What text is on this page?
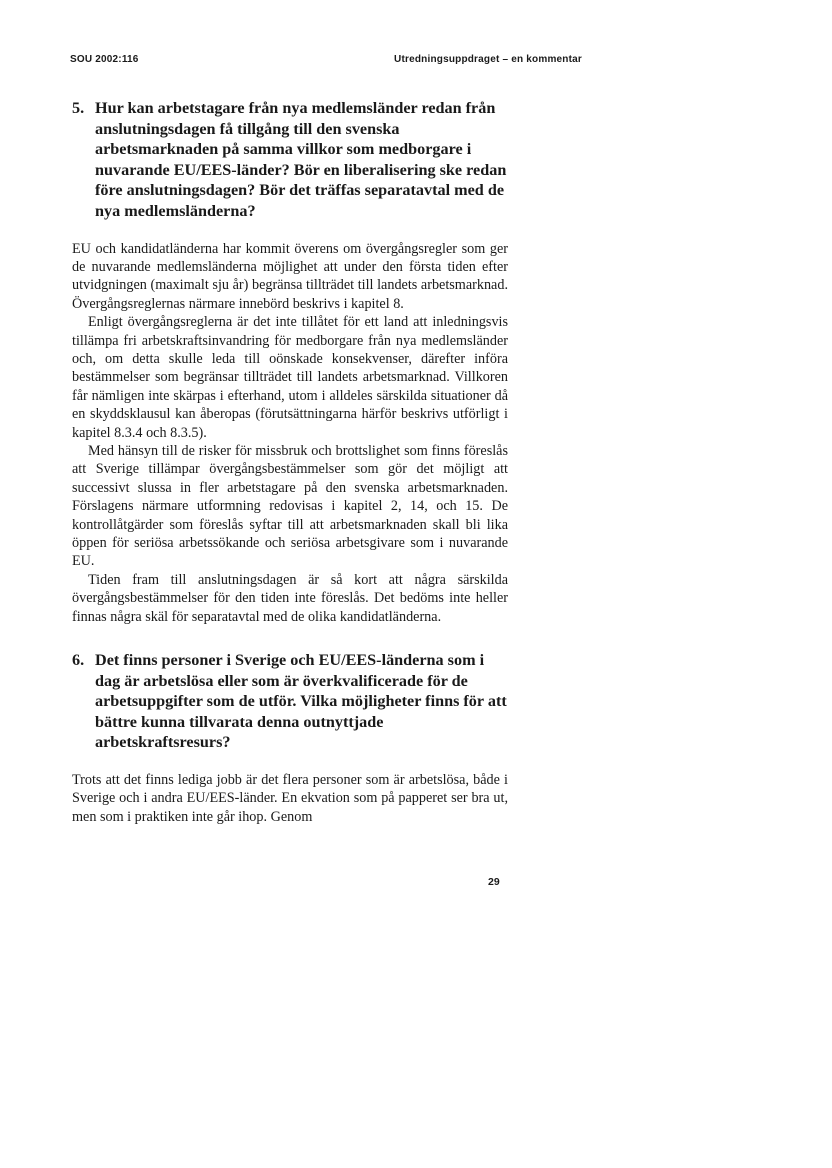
SOU 2002:116	Utredningsuppdraget – en kommentar
5. Hur kan arbetstagare från nya medlemsländer redan från anslutningsdagen få tillgång till den svenska arbetsmarknaden på samma villkor som medborgare i nuvarande EU/EES-länder? Bör en liberalisering ske redan före anslutningsdagen? Bör det träffas separatavtal med de nya medlemsländerna?

EU och kandidatländerna har kommit överens om övergångsregler som ger de nuvarande medlemsländerna möjlighet att under den första tiden efter utvidgningen (maximalt sju år) begränsa tillträdet till landets arbetsmarknad. Övergångsreglernas närmare innebörd beskrivs i kapitel 8.

Enligt övergångsreglerna är det inte tillåtet för ett land att inledningsvis tillämpa fri arbetskraftsinvandring för medborgare från nya medlemsländer och, om detta skulle leda till oönskade konsekvenser, därefter införa bestämmelser som begränsar tillträdet till landets arbetsmarknad. Villkoren får nämligen inte skärpas i efterhand, utom i alldeles särskilda situationer då en skyddsklausul kan åberopas (förutsättningarna härför beskrivs utförligt i kapitel 8.3.4 och 8.3.5).

Med hänsyn till de risker för missbruk och brottslighet som finns föreslås att Sverige tillämpar övergångsbestämmelser som gör det möjligt att successivt slussa in fler arbetstagare på den svenska arbetsmarknaden. Förslagens närmare utformning redovisas i kapitel 2, 14, och 15. De kontrollåtgärder som föreslås syftar till att arbetsmarknaden skall bli lika öppen för seriösa arbetssökande och seriösa arbetsgivare som i nuvarande EU.

Tiden fram till anslutningsdagen är så kort att några särskilda övergångsbestämmelser för den tiden inte föreslås. Det bedöms inte heller finnas några skäl för separatavtal med de olika kandidatländerna.

6. Det finns personer i Sverige och EU/EES-länderna som i dag är arbetslösa eller som är överkvalificerade för de arbetsuppgifter som de utför. Vilka möjligheter finns för att bättre kunna tillvarata denna outnyttjade arbetskraftsresurs?

Trots att det finns lediga jobb är det flera personer som är arbetslösa, både i Sverige och i andra EU/EES-länder. En ekvation som på papperet ser bra ut, men som i praktiken inte går ihop. Genom

29
